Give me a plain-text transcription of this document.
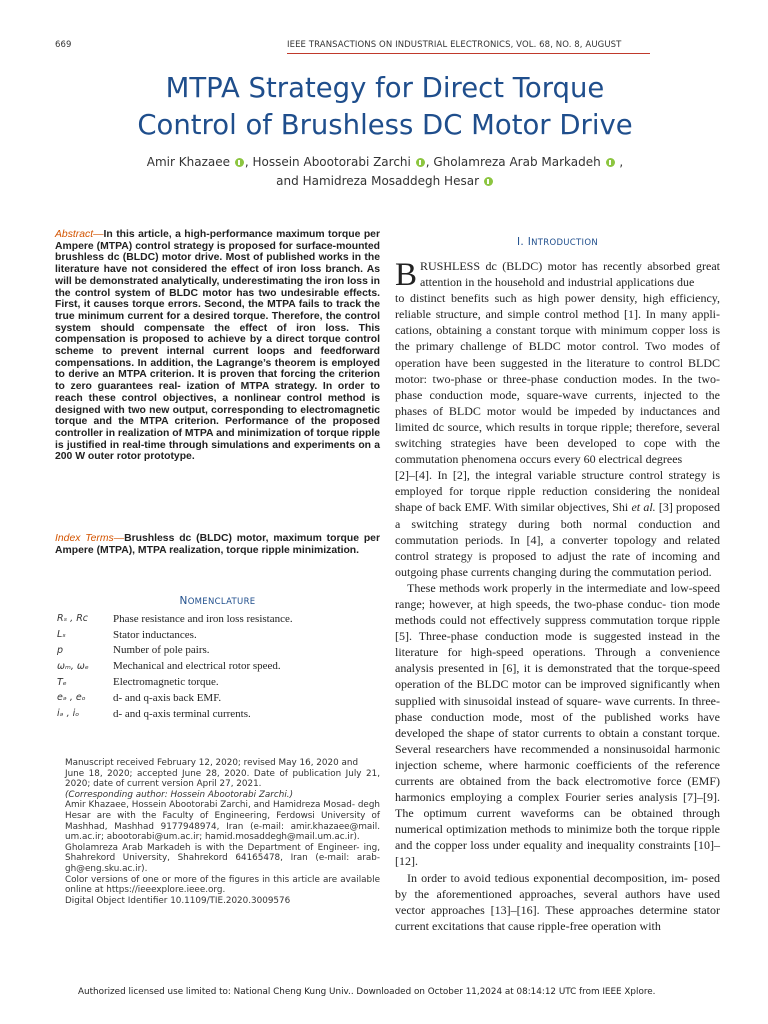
669	IEEE TRANSACTIONS ON INDUSTRIAL ELECTRONICS, VOL. 68, NO. 8, AUGUST
MTPA Strategy for Direct Torque
Control of Brushless DC Motor Drive
Amir Khazaee , Hossein Abootorabi Zarchi , Gholamreza Arab Markadeh  ,
and Hamidreza Mosaddegh Hesar
Abstract—In this article, a high-performance maximum torque per Ampere (MTPA) control strategy is proposed for surface-mounted brushless dc (BLDC) motor drive. Most of published works in the literature have not considered the effect of iron loss branch. As will be demonstrated analytically, underestimating the iron loss in the control system of BLDC motor has two undesirable effects. First, it causes torque errors. Second, the MTPA fails to track the true minimum current for a desired torque. Therefore, the control system should compensate the effect of iron loss. This compensation is proposed to achieve by a direct torque control scheme to prevent internal current loops and feedforward compensations. In addition, the Lagrange’s theorem is employed to derive an MTPA criterion. It is proven that forcing the criterion to zero guarantees real- ization of MTPA strategy. In order to reach these control objectives, a nonlinear control method is designed with two new output, corresponding to electromagnetic torque and the MTPA criterion. Performance of the proposed controller in realization of MTPA and minimization of torque ripple is justified in real-time through simulations and experiments on a 200 W outer rotor prototype.
Index Terms—Brushless dc (BLDC) motor, maximum torque per Ampere (MTPA), MTPA realization, torque ripple minimization.
NOMENCLATURE
Rₛ , Rᴄ	Phase resistance and iron loss resistance.
Lₛ	Stator inductances.
p	Number of pole pairs.
ωₘ, ωₑ	Mechanical and electrical rotor speed.
Tₑ	Electromagnetic torque.
eₔ , eₒ	d- and q-axis back EMF.
iₔ , iₒ	d- and q-axis terminal currents.

Manuscript received February 12, 2020; revised May 16, 2020 and

June 18, 2020; accepted June 28, 2020. Date of publication July 21, 2020; date of current version April 27, 2021.

(Corresponding author: Hossein Abootorabi Zarchi.)

Amir Khazaee, Hossein Abootorabi Zarchi, and Hamidreza Mosad- degh Hesar are with the Faculty of Engineering, Ferdowsi University of Mashhad, Mashhad 9177948974, Iran (e-mail: amir.khazaee@mail. um.ac.ir; abootorabi@um.ac.ir; hamid.mosaddegh@mail.um.ac.ir).

Gholamreza Arab Markadeh is with the Department of Engineer- ing, Shahrekord University, Shahrekord 64165478, Iran (e-mail: arab- gh@eng.sku.ac.ir).

Color versions of one or more of the figures in this article are available online at https://ieeexplore.ieee.org.

Digital Object Identifier 10.1109/TIE.2020.3009576

I. INTRODUCTION

BRUSHLESS dc (BLDC) motor has recently absorbed great attention in the household and industrial applications due

to distinct benefits such as high power density, high efficiency, reliable structure, and simple control method [1]. In many appli- cations, obtaining a constant torque with minimum copper loss is the primary challenge of BLDC motor control. Two modes of operation have been suggested in the literature to control BLDC motor: two-phase or three-phase conduction modes. In the two-phase conduction mode, square-wave currents, injected to the phases of BLDC motor would be impeded by inductances and limited dc source, which results in torque ripple; therefore, several switching strategies have been developed to cope with the commutation phenomena occurs every 60 electrical degrees

[2]–[4]. In [2], the integral variable structure control strategy is employed for torque ripple reduction considering the nonideal shape of back EMF. With similar objectives, Shi et al. [3] proposed a switching strategy during both normal conduction and commutation periods. In [4], a converter topology and related control strategy is proposed to adjust the rate of incoming and outgoing phase currents changing during the commutation period.

These methods work properly in the intermediate and low-speed range; however, at high speeds, the two-phase conduc- tion mode methods could not effectively suppress commutation torque ripple [5]. Three-phase conduction mode is suggested instead in the literature for high-speed operations. Through a convenience analysis presented in [6], it is demonstrated that the torque-speed operation of the BLDC motor can be improved significantly when supplied with sinusoidal instead of square- wave currents. In three-phase conduction mode, most of the published works have developed the shape of stator currents to obtain a constant torque. Several researchers have recommended a nonsinusoidal harmonic injection scheme, where harmonic coefficients of the reference currents are obtained from the back electromotive force (EMF) harmonics employing a complex Fourier series analysis [7]–[9]. The optimum current waveforms can be obtained through numerical optimization methods to minimize both the torque ripple and the copper loss under equality and inequality constraints [10]–[12].

In order to avoid tedious exponential decomposition, im- posed by the aforementioned approaches, several authors have used vector approaches [13]–[16]. These approaches determine stator current excitations that cause ripple-free operation with

Authorized licensed use limited to: National Cheng Kung Univ.. Downloaded on October 11,2024 at 08:14:12 UTC from IEEE Xplore.
